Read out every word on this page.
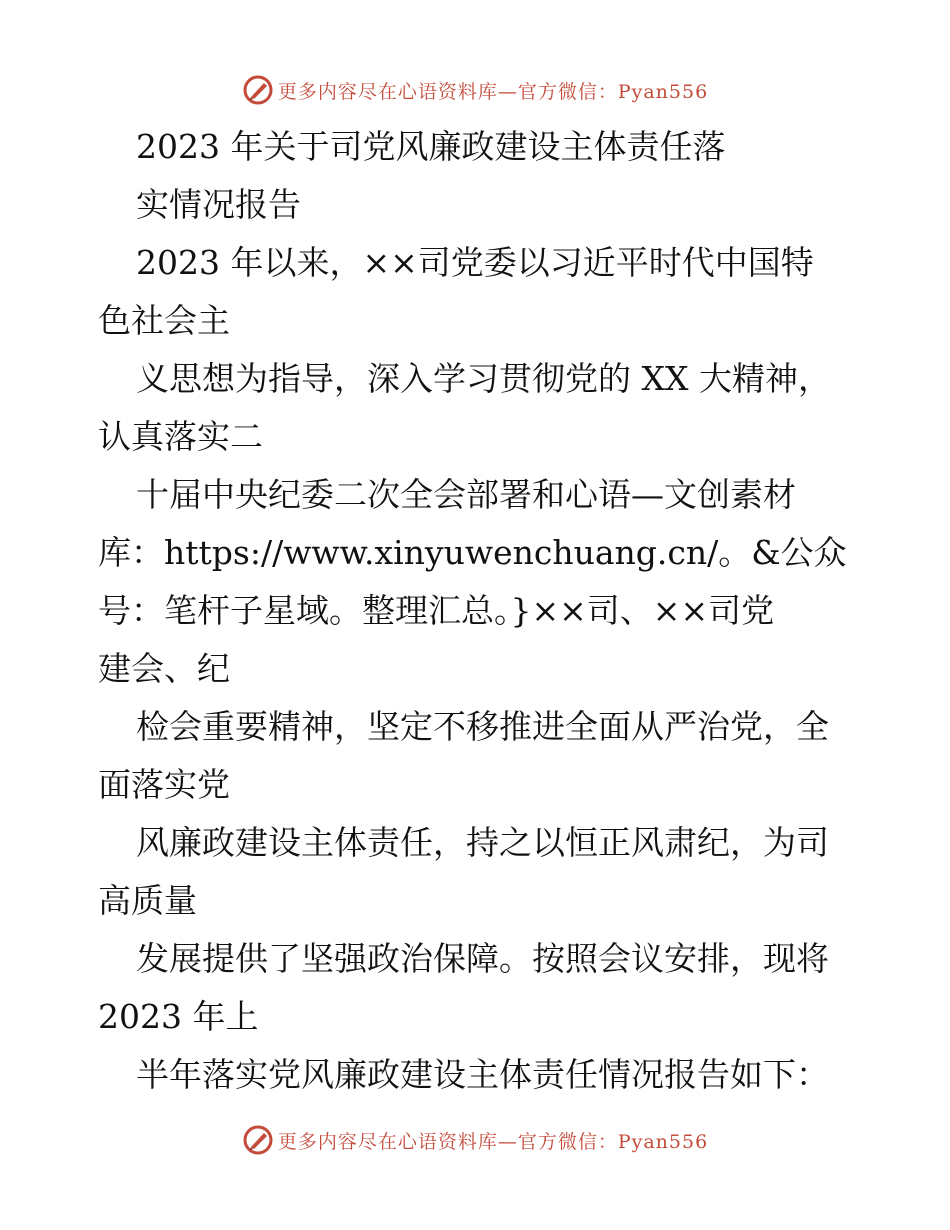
更多内容尽在心语资料库—官方微信：Pyan556
2023 年关于司党风廉政建设主体责任落
实情况报告
2023 年以来，××司党委以习近平时代中国特
色社会主
义思想为指导，深入学习贯彻党的 XX 大精神，
认真落实二
十届中央纪委二次全会部署和心语—文创素材
库：https://www.xinyuwenchuang.cn/。&公众
号：笔杆子星域。整理汇总。}××司、××司党
建会、纪
检会重要精神，坚定不移推进全面从严治党，全
面落实党
风廉政建设主体责任，持之以恒正风肃纪，为司
高质量
发展提供了坚强政治保障。按照会议安排，现将
2023 年上
半年落实党风廉政建设主体责任情况报告如下：
更多内容尽在心语资料库—官方微信：Pyan556
